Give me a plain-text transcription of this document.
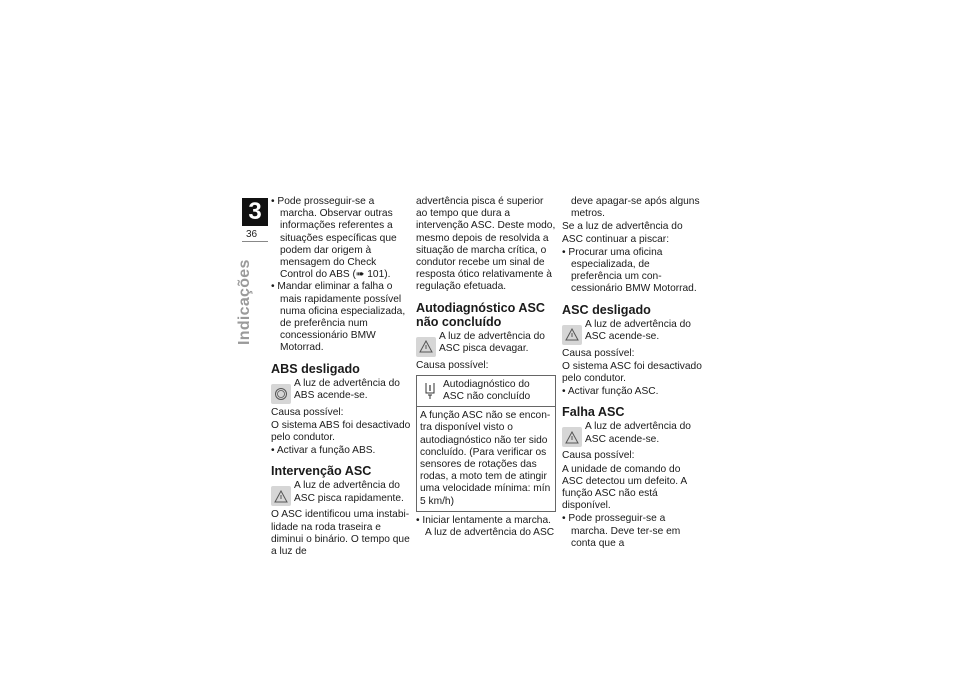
3
36
Indicações

• Pode prosseguir-se a marcha. Observar outras informações referentes a situações específicas que podem dar origem à mensagem do Check Control do ABS (➠ 101).

• Mandar eliminar a falha o mais rapidamente possível numa oficina especializada, de preferência num concessionário BMW Motorrad.

ABS desligado
A luz de advertência do ABS acende-se.

Causa possível:

O sistema ABS foi desactivado pelo condutor.

• Activar a função ABS.

Intervenção ASC
A luz de advertência do ASC pisca rapidamente.

O ASC identificou uma instabilidade na roda traseira e diminui o binário. O tempo que a luz de

advertência pisca é superior ao tempo que dura a intervenção ASC. Deste modo, mesmo depois de resolvida a situação de marcha crítica, o condutor recebe um sinal de resposta ótico relativamente à regulação efetuada.

Autodiagnóstico ASC não concluído
A luz de advertência do ASC pisca devagar.

Causa possível:

Autodiagnóstico do ASC não concluído
A função ASC não se encontra disponível visto o autodiagnóstico não ter sido concluído. (Para verificar os sensores de rotações das rodas, a moto tem de atingir uma velocidade mínima: mín 5 km/h)

• Iniciar lentamente a marcha. A luz de advertência do ASC

deve apagar-se após alguns metros.

Se a luz de advertência do ASC continuar a piscar:

• Procurar uma oficina especializada, de preferência um concessionário BMW Motorrad.

ASC desligado
A luz de advertência do ASC acende-se.

Causa possível:

O sistema ASC foi desactivado pelo condutor.

• Activar função ASC.

Falha ASC
A luz de advertência do ASC acende-se.

Causa possível:

A unidade de comando do ASC detectou um defeito. A função ASC não está disponível.

• Pode prosseguir-se a marcha. Deve ter-se em conta que a
